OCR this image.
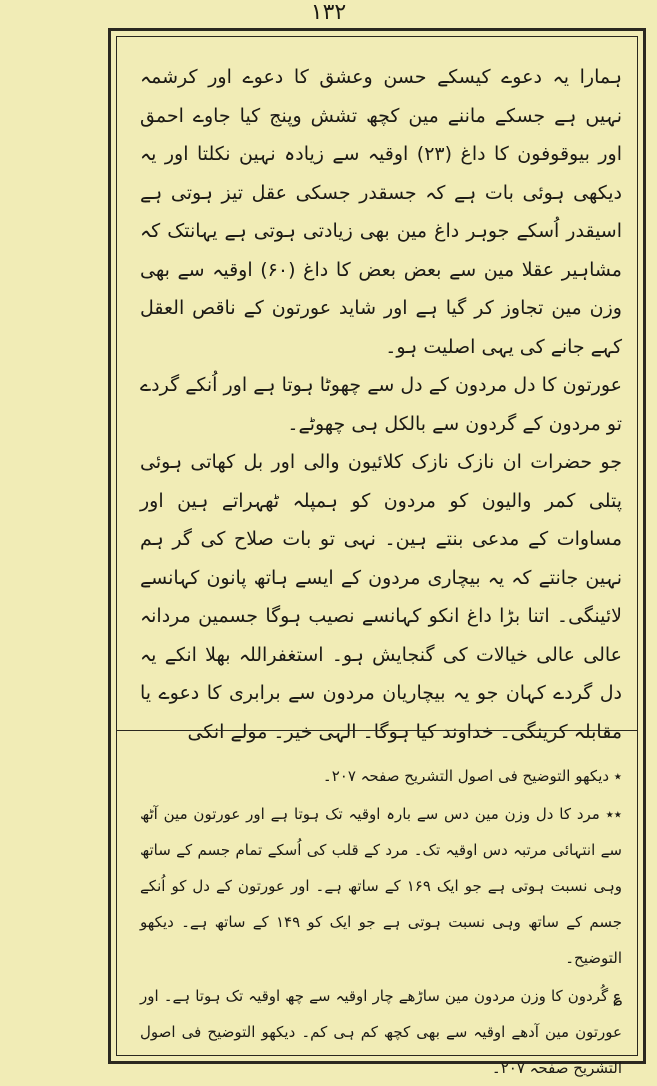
١٣٢

ہمارا یہ دعوے کیسکے حسن وعشق کا دعوے اور کرشمہ نہیں ہے جسکے ماننے مین کچھ تشش وپنج کیا جاوے احمق اور بیوقوفون کا داغ (۲۳) اوقیہ سے زیادہ نہین نکلتا اور یہ دیکھی ہوئی بات ہے کہ جسقدر جسکی عقل تیز ہوتی ہے اسیقدر اُسکے جوہر داغ مین بھی زیادتی ہوتی ہے یہانتک کہ مشاہیر عقلا مین سے بعض بعض کا داغ (۶۰) اوقیہ سے بھی وزن مین تجاوز کر گیا ہے اور شاید عورتون کے ناقص العقل کہے جانے کی یہی اصلیت ہو۔

عورتون کا دل مردون کے دل سے چھوٹا ہوتا ہے اور اُنکے گردے تو مردون کے گردون سے بالکل ہی چھوٹے۔

جو حضرات ان نازک نازک کلائیون والی اور بل کھاتی ہوئی پتلی کمر والیون کو مردون کو ہمپلہ ٹھہراتے ہین اور مساوات کے مدعی بنتے ہین۔ نہی تو بات صلاح کی گر ہم نہین جانتے کہ یہ بیچاری مردون کے ایسے ہاتھ پانون کہانسے لائینگی۔ اتنا بڑا داغ انکو کہانسے نصیب ہوگا جسمین مردانہ عالی عالی خیالات کی گنجایش ہو۔ استغفراللہ بھلا انکے یہ دل گردے کہان جو یہ بیچاریان مردون سے برابری کا دعوے یا مقابلہ کرینگی۔ خداوند کیا ہوگا۔ الہی خیر۔ مولے انکی

٭ دیکھو التوضیح فی اصول التشریح صفحہ ۲۰۷۔

٭٭ مرد کا دل وزن مین دس سے بارہ اوقیہ تک ہوتا ہے اور عورتون مین آٹھ سے انتہائی مرتبہ دس اوقیہ تک۔ مرد کے قلب کی اُسکے تمام جسم کے ساتھ وہی نسبت ہوتی ہے جو ایک ۱۶۹ کے ساتھ ہے۔ اور عورتون کے دل کو اُنکے جسم کے ساتھ وہی نسبت ہوتی ہے جو ایک کو ۱۴۹ کے ساتھ ہے۔ دیکھو التوضیح۔

؏ گُردون کا وزن مردون مین ساڑھے چار اوقیہ سے چھ اوقیہ تک ہوتا ہے۔ اور عورتون مین آدھے اوقیہ سے بھی کچھ کم ہی کم۔ دیکھو التوضیح فی اصول التشریح صفحہ ۲۰۷۔
